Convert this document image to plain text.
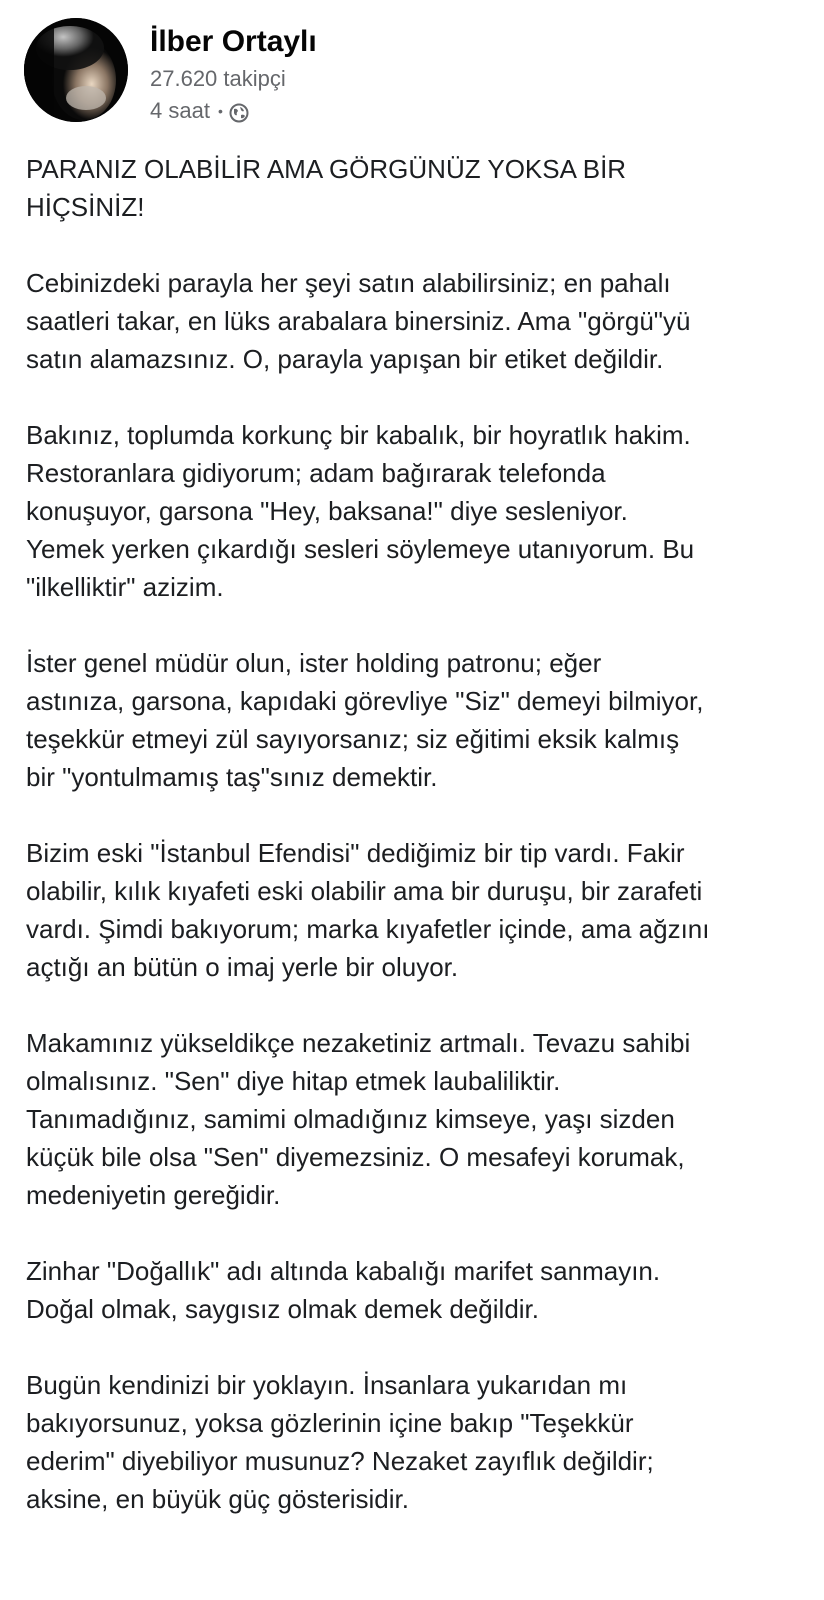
İlber Ortaylı
27.620 takipçi
4 saat •

PARANIZ OLABİLİR AMA GÖRGÜNÜZ YOKSA BİR
HİÇSİNİZ!

Cebinizdeki parayla her şeyi satın alabilirsiniz; en pahalı
saatleri takar, en lüks arabalara binersiniz. Ama "görgü"yü
satın alamazsınız. O, parayla yapışan bir etiket değildir.

Bakınız, toplumda korkunç bir kabalık, bir hoyratlık hakim.
Restoranlara gidiyorum; adam bağırarak telefonda
konuşuyor, garsona "Hey, baksana!" diye sesleniyor.
Yemek yerken çıkardığı sesleri söylemeye utanıyorum. Bu
"ilkelliktir" azizim.

İster genel müdür olun, ister holding patronu; eğer
astınıza, garsona, kapıdaki görevliye "Siz" demeyi bilmiyor,
teşekkür etmeyi zül sayıyorsanız; siz eğitimi eksik kalmış
bir "yontulmamış taş"sınız demektir.

Bizim eski "İstanbul Efendisi" dediğimiz bir tip vardı. Fakir
olabilir, kılık kıyafeti eski olabilir ama bir duruşu, bir zarafeti
vardı. Şimdi bakıyorum; marka kıyafetler içinde, ama ağzını
açtığı an bütün o imaj yerle bir oluyor.

Makamınız yükseldikçe nezaketiniz artmalı. Tevazu sahibi
olmalısınız. "Sen" diye hitap etmek laubaliliktir.
Tanımadığınız, samimi olmadığınız kimseye, yaşı sizden
küçük bile olsa "Sen" diyemezsiniz. O mesafeyi korumak,
medeniyetin gereğidir.

Zinhar "Doğallık" adı altında kabalığı marifet sanmayın.
Doğal olmak, saygısız olmak demek değildir.

Bugün kendinizi bir yoklayın. İnsanlara yukarıdan mı
bakıyorsunuz, yoksa gözlerinin içine bakıp "Teşekkür
ederim" diyebiliyor musunuz? Nezaket zayıflık değildir;
aksine, en büyük güç gösterisidir.
